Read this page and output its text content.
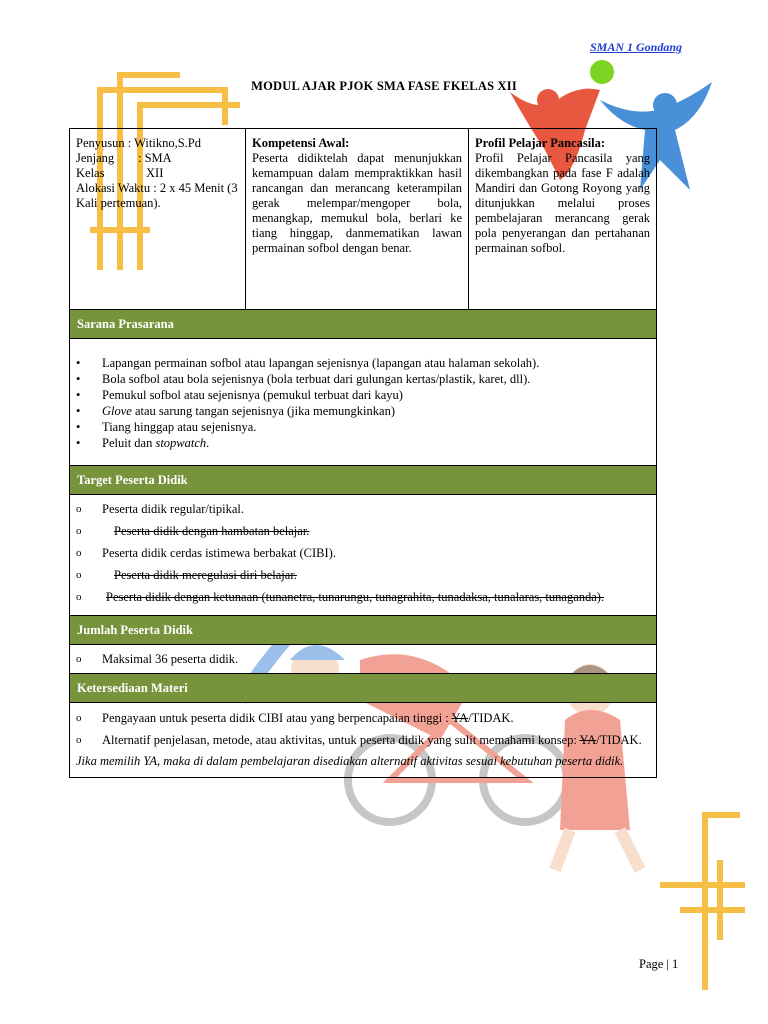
SMAN 1 Gondang
MODUL AJAR PJOK SMA FASE FKELAS XII
Penyusun : Witikno,S.Pd
Jenjang	: SMA
Kelas	XII
Alokasi Waktu : 2 x 45 Menit (3 Kali pertemuan).
Kompetensi Awal:
Peserta didiktelah dapat menunjukkan kemampuan dalam mempraktikkan hasil rancangan dan merancang keterampilan gerak melempar/mengoper bola, menangkap, memukul bola, berlari ke tiang hinggap, danmematikan lawan permainan sofbol dengan benar.
Profil Pelajar Pancasila:
Profil Pelajar Pancasila yang dikembangkan pada fase F adalah Mandiri dan Gotong Royong yang ditunjukkan melalui proses pembelajaran merancang gerak pola penyerangan dan pertahanan permainan sofbol.
Sarana Prasarana
•	Lapangan permainan sofbol atau lapangan sejenisnya (lapangan atau halaman sekolah).
•	Bola sofbol atau bola sejenisnya (bola terbuat dari gulungan kertas/plastik, karet, dll).
•	Pemukul sofbol atau sejenisnya (pemukul terbuat dari kayu)
•	Glove atau sarung tangan sejenisnya (jika memungkinkan)
•	Tiang hinggap atau sejenisnya.
•	Peluit dan stopwatch.
Target Peserta Didik
o	Peserta didik regular/tipikal.
o	Peserta didik dengan hambatan belajar.
o	Peserta didik cerdas istimewa berbakat (CIBI).
o	Peserta didik meregulasi diri belajar.
o	Peserta didik dengan ketunaan (tunanetra, tunarungu, tunagrahita, tunadaksa, tunalaras, tunaganda).
Jumlah Peserta Didik
o	Maksimal 36 peserta didik.
Ketersediaan Materi
o	Pengayaan untuk peserta didik CIBI atau yang berpencapaian tinggi : YA/TIDAK.
o	Alternatif penjelasan, metode, atau aktivitas, untuk peserta didik yang sulit memahami konsep: YA/TIDAK.
Jika memilih YA, maka di dalam pembelajaran disediakan alternatif aktivitas sesuai kebutuhan peserta didik.
Page | 1
